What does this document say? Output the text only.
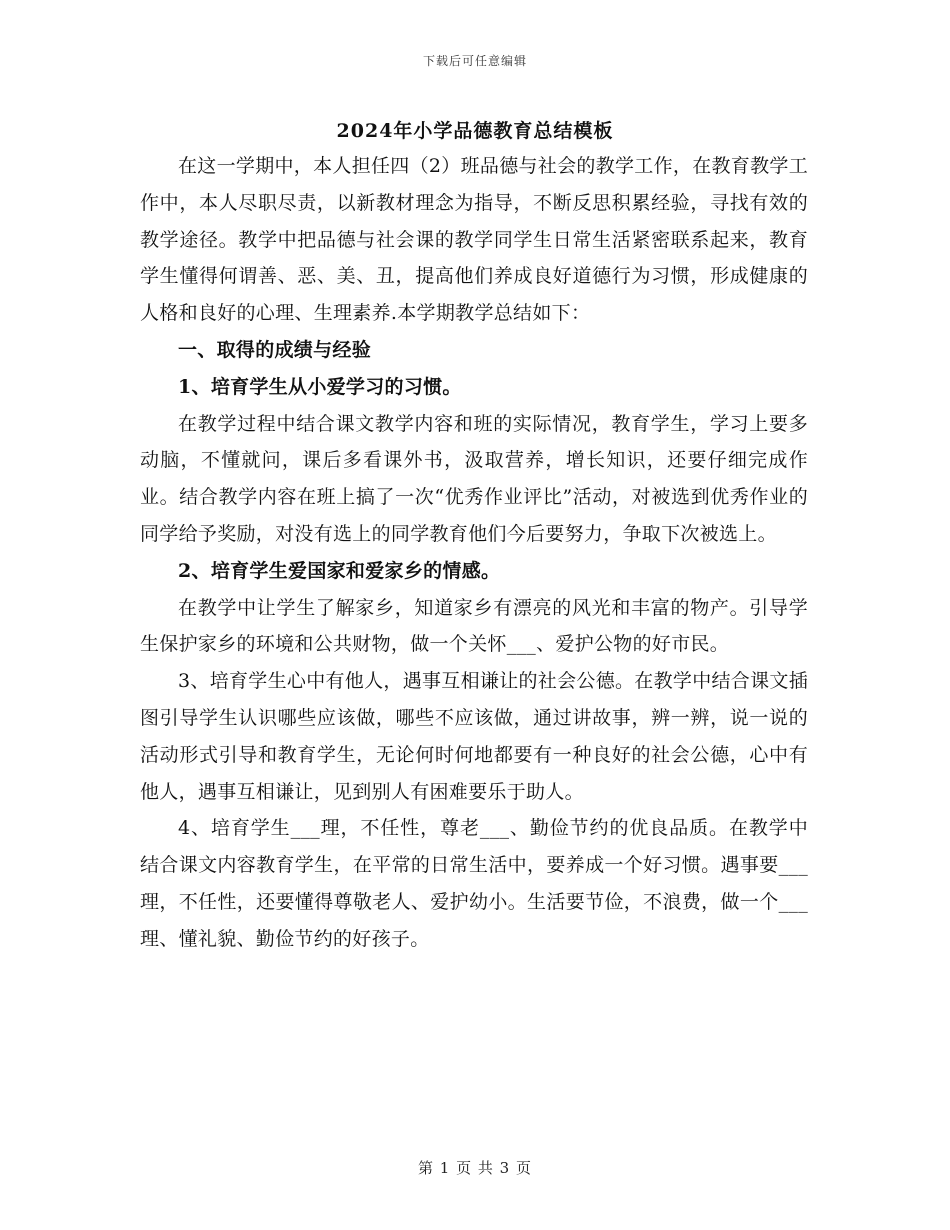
下载后可任意编辑
2024年小学品德教育总结模板

在这一学期中，本人担任四（2）班品德与社会的教学工作，在教育教学工作中，本人尽职尽责，以新教材理念为指导，不断反思积累经验，寻找有效的教学途径。教学中把品德与社会课的教学同学生日常生活紧密联系起来，教育学生懂得何谓善、恶、美、丑，提高他们养成良好道德行为习惯，形成健康的人格和良好的心理、生理素养.本学期教学总结如下：

一、取得的成绩与经验

1、培育学生从小爱学习的习惯。

在教学过程中结合课文教学内容和班的实际情况，教育学生，学习上要多动脑，不懂就问，课后多看课外书，汲取营养，增长知识，还要仔细完成作业。结合教学内容在班上搞了一次“优秀作业评比”活动，对被选到优秀作业的同学给予奖励，对没有选上的同学教育他们今后要努力，争取下次被选上。

2、培育学生爱国家和爱家乡的情感。

在教学中让学生了解家乡，知道家乡有漂亮的风光和丰富的物产。引导学生保护家乡的环境和公共财物，做一个关怀___、爱护公物的好市民。

3、培育学生心中有他人，遇事互相谦让的社会公德。在教学中结合课文插图引导学生认识哪些应该做，哪些不应该做，通过讲故事，辨一辨，说一说的活动形式引导和教育学生，无论何时何地都要有一种良好的社会公德，心中有他人，遇事互相谦让，见到别人有困难要乐于助人。

4、培育学生___理，不任性，尊老___、勤俭节约的优良品质。在教学中结合课文内容教育学生，在平常的日常生活中，要养成一个好习惯。遇事要___理，不任性，还要懂得尊敬老人、爱护幼小。生活要节俭，不浪费，做一个___理、懂礼貌、勤俭节约的好孩子。

第 1 页 共 3 页
